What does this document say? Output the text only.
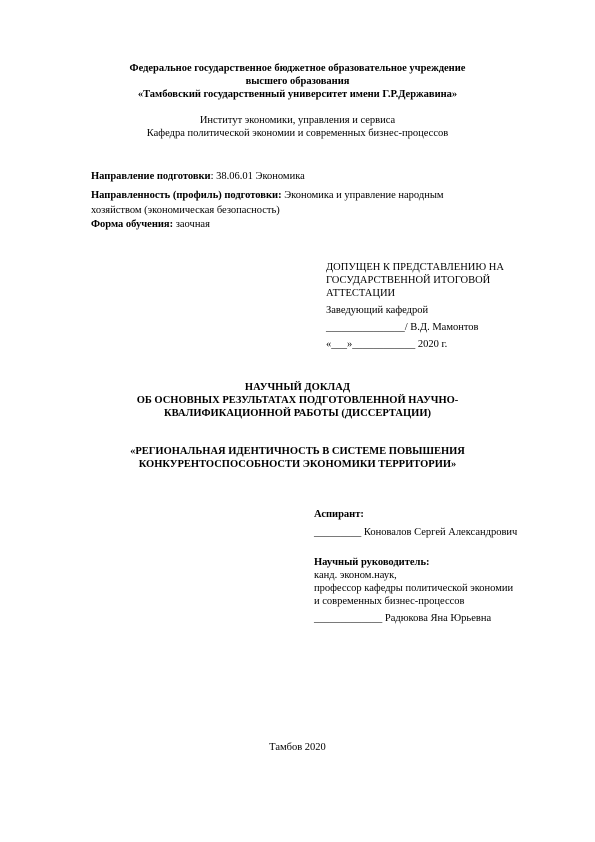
Федеральное государственное бюджетное образовательное учреждение
высшего образования
«Тамбовский государственный университет имени Г.Р.Державина»
Институт экономики, управления и сервиса
Кафедра политической экономии и современных бизнес-процессов
Направление подготовки: 38.06.01 Экономика
Направленность (профиль) подготовки: Экономика и управление народным
хозяйством (экономическая безопасность)
Форма обучения: заочная
ДОПУЩЕН К ПРЕДСТАВЛЕНИЮ НА
ГОСУДАРСТВЕННОЙ ИТОГОВОЙ
АТТЕСТАЦИИ
Заведующий кафедрой
_______________/ В.Д. Мамонтов
«___»____________ 2020 г.
НАУЧНЫЙ ДОКЛАД
ОБ ОСНОВНЫХ РЕЗУЛЬТАТАХ ПОДГОТОВЛЕННОЙ НАУЧНО-
КВАЛИФИКАЦИОННОЙ РАБОТЫ (ДИССЕРТАЦИИ)
«РЕГИОНАЛЬНАЯ ИДЕНТИЧНОСТЬ В СИСТЕМЕ ПОВЫШЕНИЯ
КОНКУРЕНТОСПОСОБНОСТИ ЭКОНОМИКИ ТЕРРИТОРИИ»
Аспирант:
_________ Коновалов Сергей Александрович
Научный руководитель:
канд. эконом.наук,
профессор кафедры политической экономии
и современных бизнес-процессов
_____________ Радюкова Яна Юрьевна
Тамбов 2020
